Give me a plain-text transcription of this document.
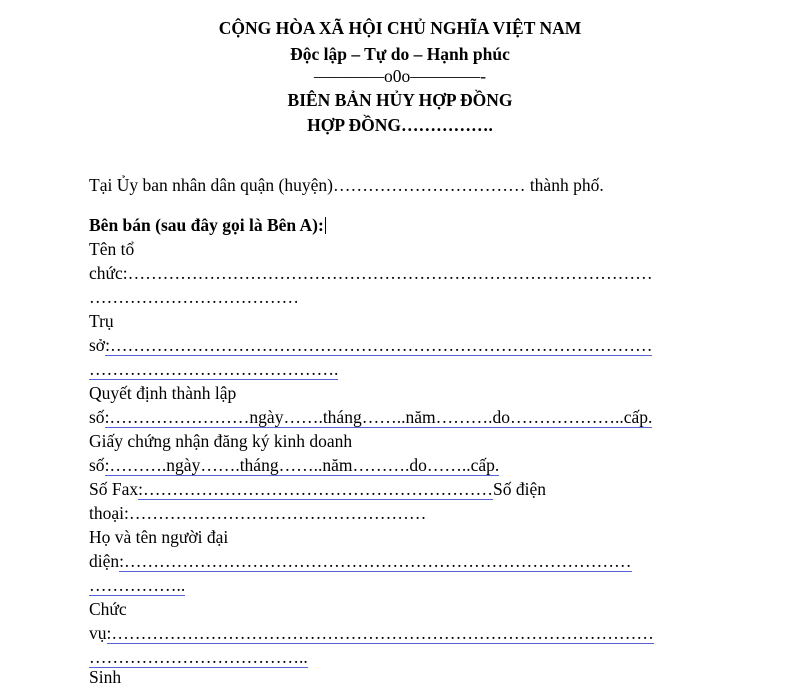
CỘNG HÒA XÃ HỘI CHỦ NGHĨA VIỆT NAM
Độc lập – Tự do – Hạnh phúc
————o0o————-
BIÊN BẢN HỦY HỢP ĐỒNG
HỢP ĐỒNG…………….
Tại Ủy ban nhân dân quận (huyện)…………………………… thành phố.
Bên bán (sau đây gọi là Bên A):
Tên tổ
chức:………………………………………………………………………………
………………………………
Trụ
sở:…………………………………………………………………………………
…………………………………….
Quyết định thành lập
số:……………………ngày…….tháng……..năm……….do………………..cấp.
Giấy chứng nhận đăng ký kinh doanh
số:……….ngày…….tháng……..năm……….do……..cấp.
Số Fax:……………………………………………………Số điện
thoại:……………………………………………
Họ và tên người đại
diện:……………………………………………………………………………
……………..
Chức
vụ:…………………………………………………………………………………
………………………………..
Sinh
